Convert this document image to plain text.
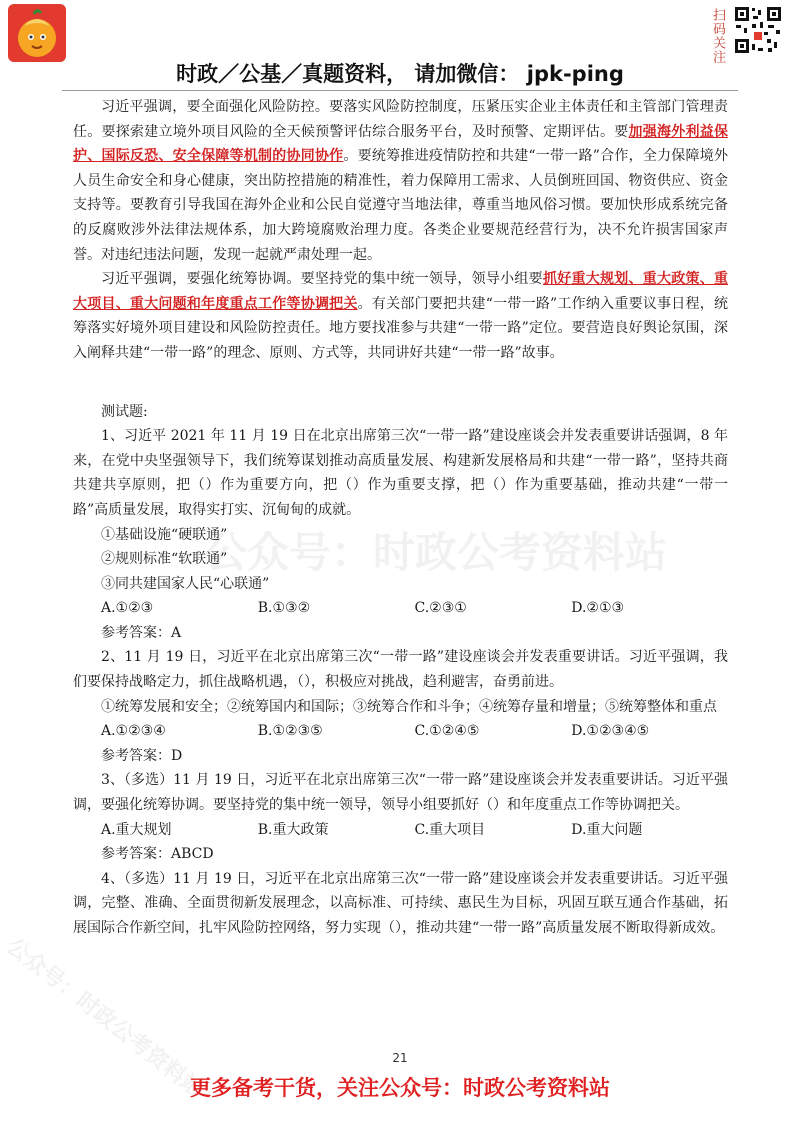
扫码关注
时政／公基／真题资料， 请加微信： jpk-ping
公众号：时政公考资料站
公众号：时政公考资料站

习近平强调，要全面强化风险防控。要落实风险防控制度，压紧压实企业主体责任和主管部门管理责任。要探索建立境外项目风险的全天候预警评估综合服务平台，及时预警、定期评估。要加强海外利益保护、国际反恐、安全保障等机制的协同协作。要统筹推进疫情防控和共建“一带一路”合作，全力保障境外人员生命安全和身心健康，突出防控措施的精准性，着力保障用工需求、人员倒班回国、物资供应、资金支持等。要教育引导我国在海外企业和公民自觉遵守当地法律，尊重当地风俗习惯。要加快形成系统完备的反腐败涉外法律法规体系，加大跨境腐败治理力度。各类企业要规范经营行为，决不允许损害国家声誉。对违纪违法问题，发现一起就严肃处理一起。

习近平强调，要强化统筹协调。要坚持党的集中统一领导，领导小组要抓好重大规划、重大政策、重大项目、重大问题和年度重点工作等协调把关。有关部门要把共建“一带一路”工作纳入重要议事日程，统筹落实好境外项目建设和风险防控责任。地方要找准参与共建“一带一路”定位。要营造良好舆论氛围，深入阐释共建“一带一路”的理念、原则、方式等，共同讲好共建“一带一路”故事。

测试题:

1、习近平 2021 年 11 月 19 日在北京出席第三次“一带一路”建设座谈会并发表重要讲话强调，8 年来，在党中央坚强领导下，我们统筹谋划推动高质量发展、构建新发展格局和共建“一带一路”，坚持共商共建共享原则，把（）作为重要方向，把（）作为重要支撑，把（）作为重要基础，推动共建“一带一路”高质量发展，取得实打实、沉甸甸的成就。

①基础设施“硬联通”

②规则标准“软联通”

③同共建国家人民“心联通”

A.①②③	B.①③②	C.②③①	D.②①③

参考答案：A

2、11 月 19 日，习近平在北京出席第三次“一带一路”建设座谈会并发表重要讲话。习近平强调，我们要保持战略定力，抓住战略机遇，（），积极应对挑战，趋利避害，奋勇前进。

①统筹发展和安全；②统筹国内和国际；③统筹合作和斗争；④统筹存量和增量；⑤统筹整体和重点

A.①②③④	B.①②③⑤	C.①②④⑤	D.①②③④⑤

参考答案：D

3、（多选）11 月 19 日，习近平在北京出席第三次“一带一路”建设座谈会并发表重要讲话。习近平强调，要强化统筹协调。要坚持党的集中统一领导，领导小组要抓好（）和年度重点工作等协调把关。

A.重大规划	B.重大政策	C.重大项目	D.重大问题

参考答案：ABCD

4、（多选）11 月 19 日，习近平在北京出席第三次“一带一路”建设座谈会并发表重要讲话。习近平强调，完整、准确、全面贯彻新发展理念，以高标准、可持续、惠民生为目标，巩固互联互通合作基础，拓展国际合作新空间，扎牢风险防控网络，努力实现（），推动共建“一带一路”高质量发展不断取得新成效。

21
更多备考干货，关注公众号：时政公考资料站
